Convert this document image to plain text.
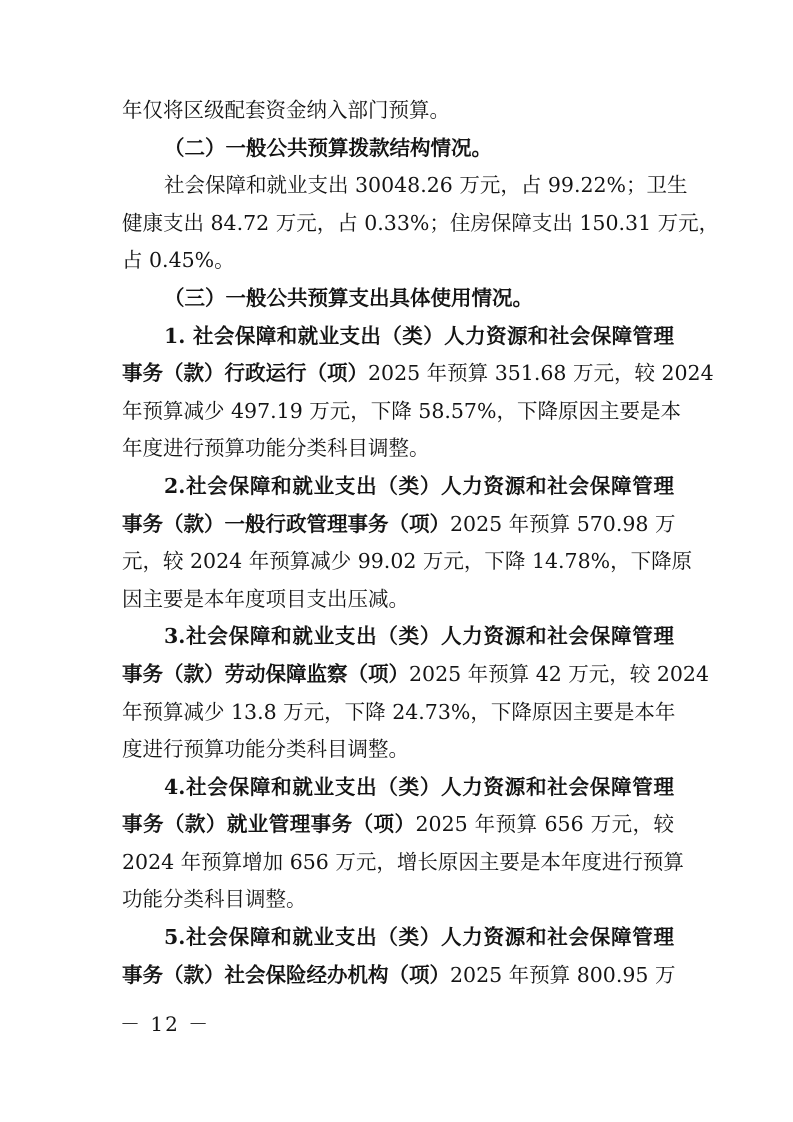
年仅将区级配套资金纳入部门预算。
（二）一般公共预算拨款结构情况。
社会保障和就业支出 30048.26 万元，占 99.22%；卫生
健康支出 84.72 万元，占 0.33%；住房保障支出 150.31 万元，
占 0.45%。
（三）一般公共预算支出具体使用情况。
1. 社会保障和就业支出（类）人力资源和社会保障管理
事务（款）行政运行（项）2025 年预算 351.68 万元，较 2024
年预算减少 497.19 万元，下降 58.57%，下降原因主要是本
年度进行预算功能分类科目调整。
2.社会保障和就业支出（类）人力资源和社会保障管理
事务（款）一般行政管理事务（项）2025 年预算 570.98 万
元，较 2024 年预算减少 99.02 万元，下降 14.78%，下降原
因主要是本年度项目支出压减。
3.社会保障和就业支出（类）人力资源和社会保障管理
事务（款）劳动保障监察（项）2025 年预算 42 万元，较 2024
年预算减少 13.8 万元，下降 24.73%，下降原因主要是本年
度进行预算功能分类科目调整。
4.社会保障和就业支出（类）人力资源和社会保障管理
事务（款）就业管理事务（项）2025 年预算 656 万元，较
2024 年预算增加 656 万元，增长原因主要是本年度进行预算
功能分类科目调整。
5.社会保障和就业支出（类）人力资源和社会保障管理
事务（款）社会保险经办机构（项）2025 年预算 800.95 万
－ 12 －
